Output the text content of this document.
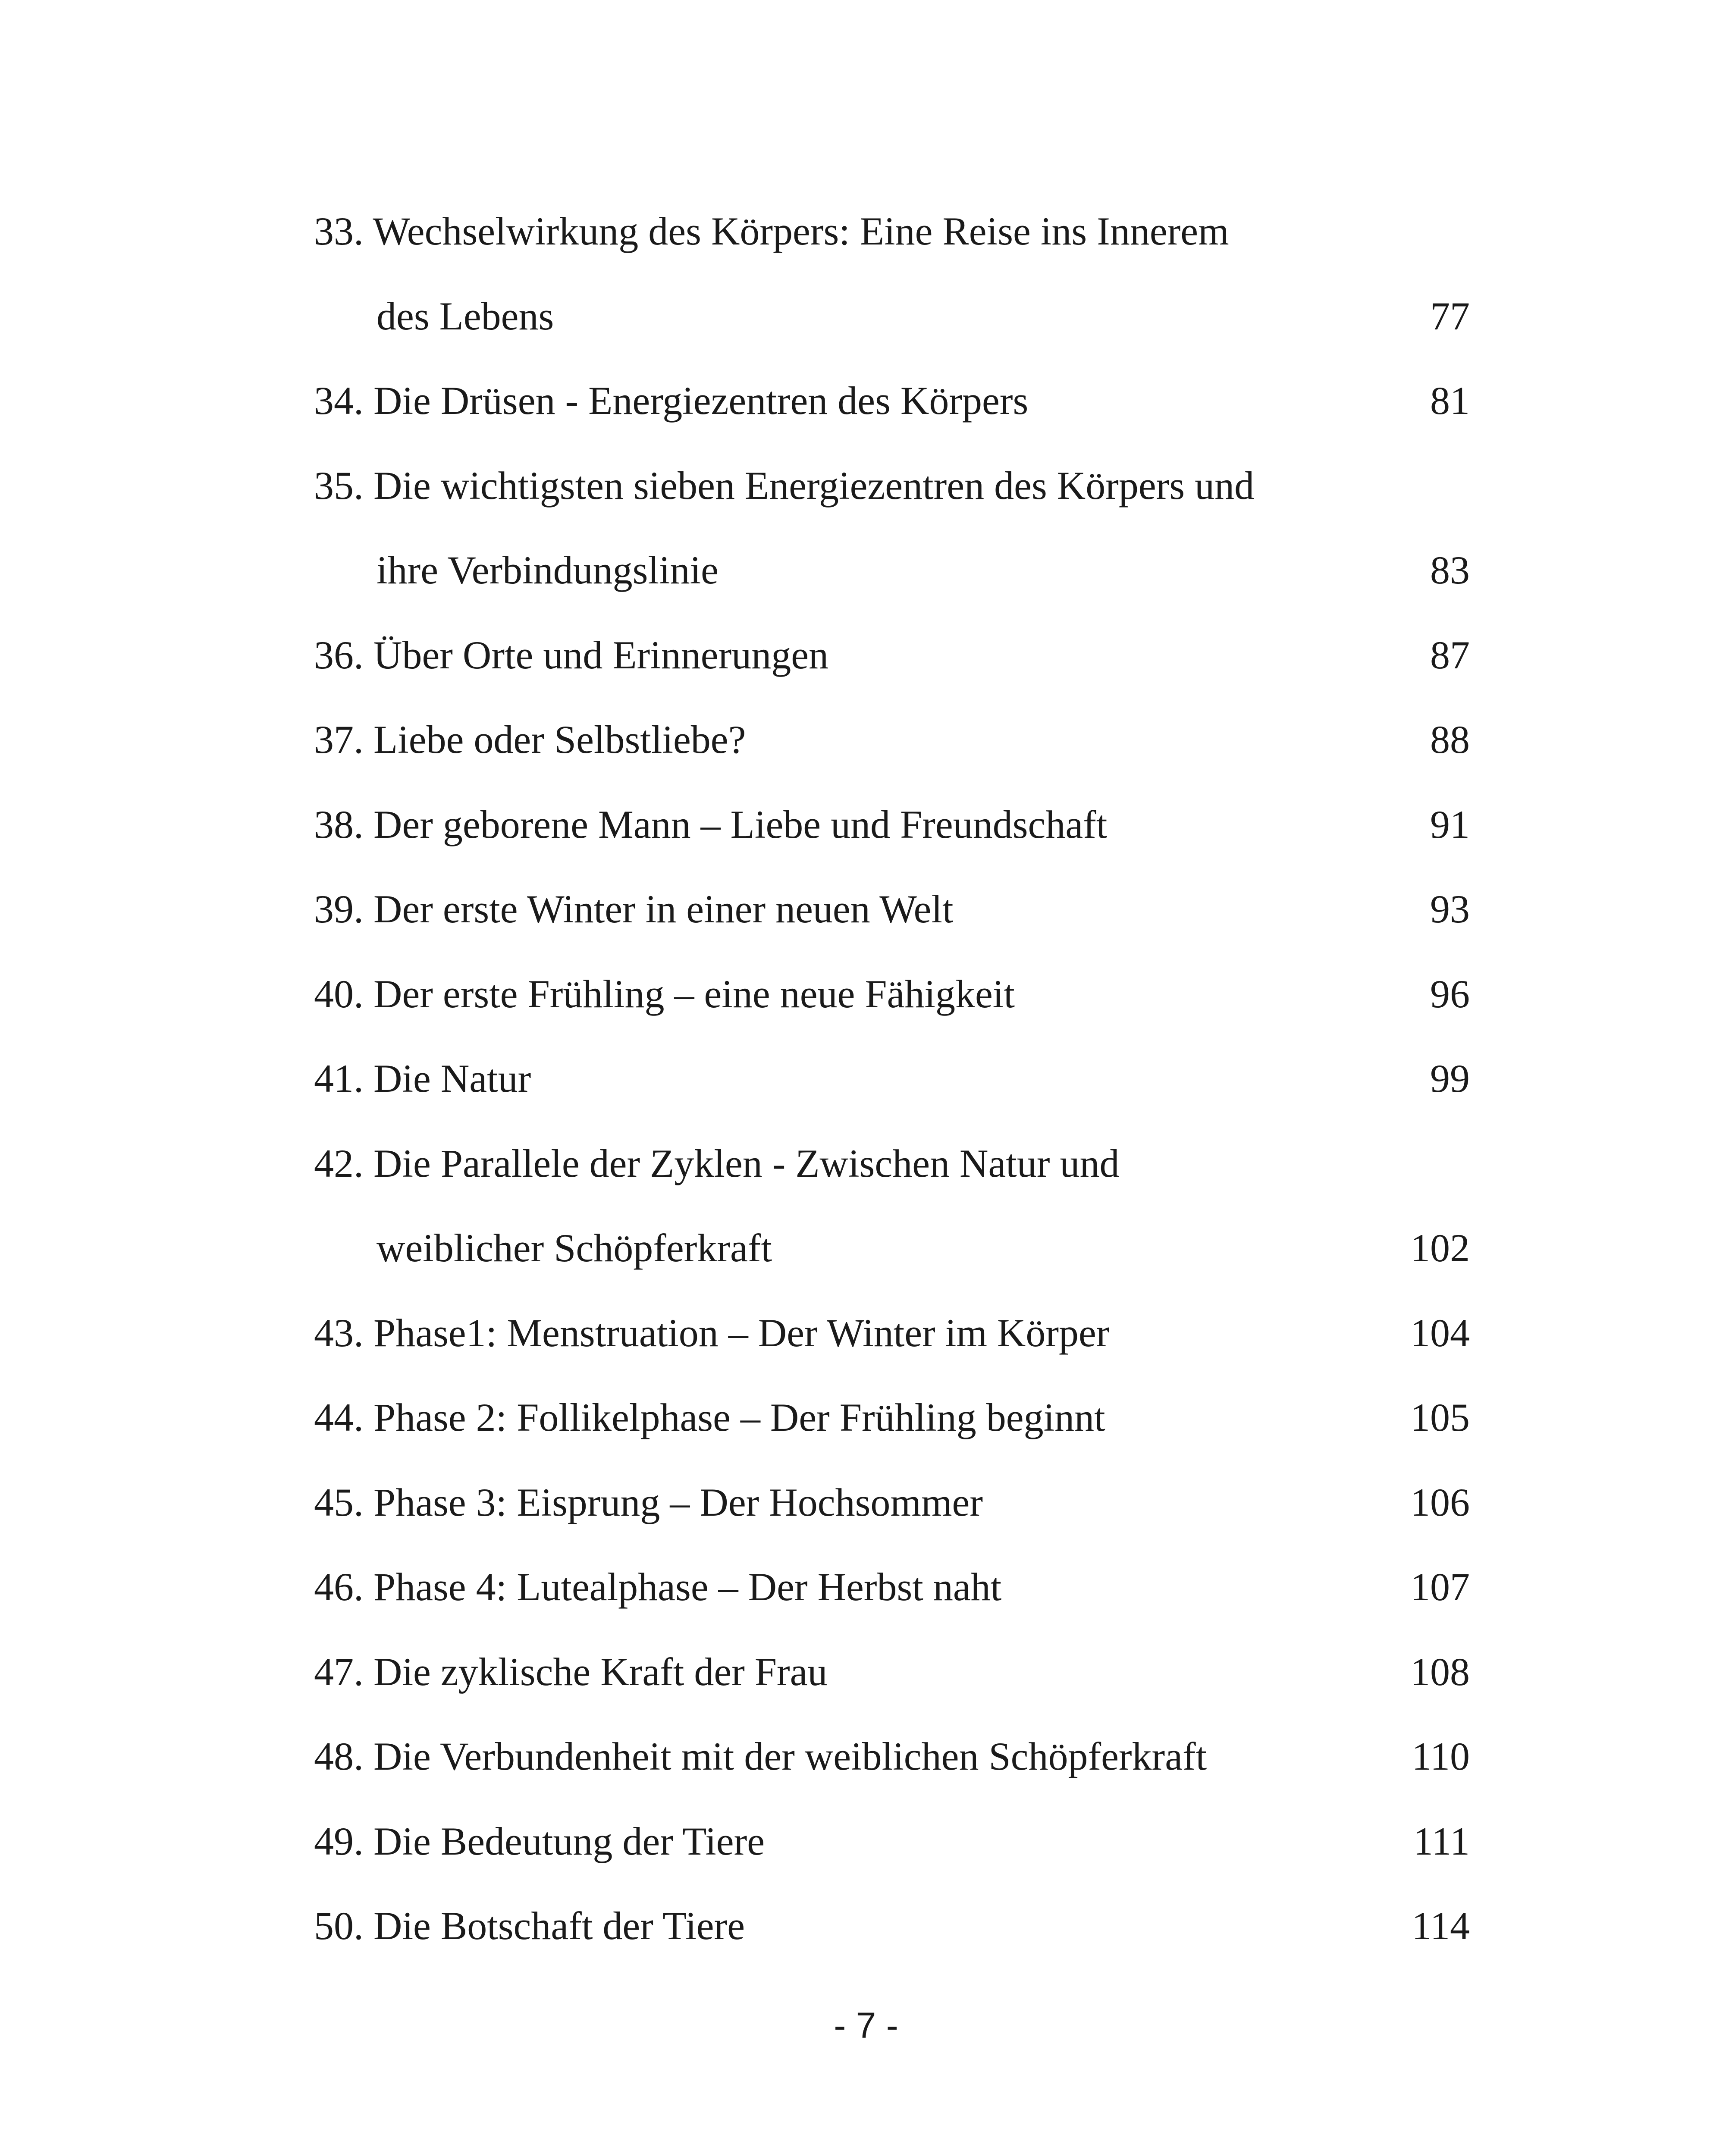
33. Wechselwirkung des Körpers: Eine Reise ins Innerem
des Lebens	77
34. Die Drüsen - Energiezentren des Körpers	81
35. Die wichtigsten sieben Energiezentren des Körpers und
ihre Verbindungslinie	83
36. Über Orte und Erinnerungen	87
37. Liebe oder Selbstliebe?	88
38. Der geborene Mann – Liebe und Freundschaft	91
39. Der erste Winter in einer neuen Welt	93
40. Der erste Frühling – eine neue Fähigkeit	96
41. Die Natur	99
42. Die Parallele der Zyklen - Zwischen Natur und
weiblicher Schöpferkraft	102
43. Phase1: Menstruation – Der Winter im Körper	104
44. Phase 2: Follikelphase – Der Frühling beginnt	105
45. Phase 3: Eisprung – Der Hochsommer	106
46. Phase 4: Lutealphase – Der Herbst naht	107
47. Die zyklische Kraft der Frau	108
48. Die Verbundenheit mit der weiblichen Schöpferkraft	110
49. Die Bedeutung der Tiere	111
50. Die Botschaft der Tiere	114
- 7 -
